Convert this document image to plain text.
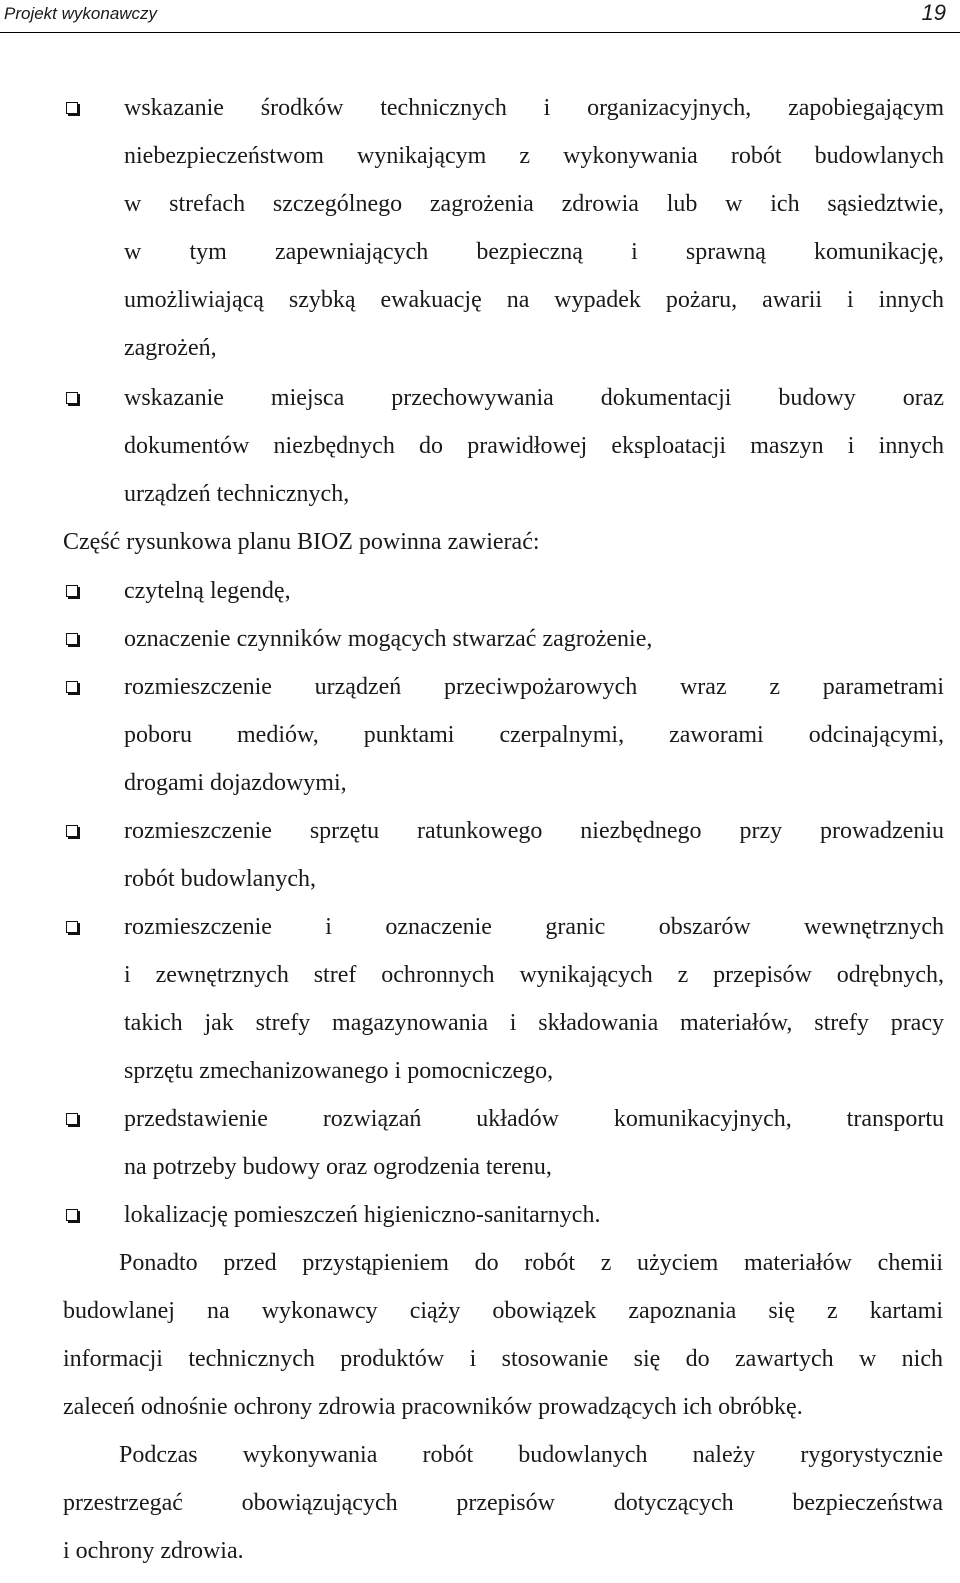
Projekt wykonawczy	19
wskazanie środków technicznych i organizacyjnych, zapobiegającym
niebezpieczeństwom wynikającym z wykonywania robót budowlanych
w strefach szczególnego zagrożenia zdrowia lub w ich sąsiedztwie,
w tym zapewniających bezpieczną i sprawną komunikację,
umożliwiającą szybką ewakuację na wypadek pożaru, awarii i innych
zagrożeń,
wskazanie miejsca przechowywania dokumentacji budowy oraz
dokumentów niezbędnych do prawidłowej eksploatacji maszyn i innych
urządzeń technicznych,
Część rysunkowa planu BIOZ powinna zawierać:
czytelną legendę,
oznaczenie czynników mogących stwarzać zagrożenie,
rozmieszczenie urządzeń przeciwpożarowych wraz z parametrami
poboru mediów, punktami czerpalnymi, zaworami odcinającymi,
drogami dojazdowymi,
rozmieszczenie sprzętu ratunkowego niezbędnego przy prowadzeniu
robót budowlanych,
rozmieszczenie i oznaczenie granic obszarów wewnętrznych
i zewnętrznych stref ochronnych wynikających z przepisów odrębnych,
takich jak strefy magazynowania i składowania materiałów, strefy pracy
sprzętu zmechanizowanego i pomocniczego,
przedstawienie rozwiązań układów komunikacyjnych, transportu
na potrzeby budowy oraz ogrodzenia terenu,
lokalizację pomieszczeń higieniczno-sanitarnych.
Ponadto przed przystąpieniem do robót z użyciem materiałów chemii
budowlanej na wykonawcy ciąży obowiązek zapoznania się z kartami
informacji technicznych produktów i stosowanie się do zawartych w nich
zaleceń odnośnie ochrony zdrowia pracowników prowadzących ich obróbkę.
Podczas wykonywania robót budowlanych należy rygorystycznie
przestrzegać obowiązujących przepisów dotyczących bezpieczeństwa
i ochrony zdrowia.
